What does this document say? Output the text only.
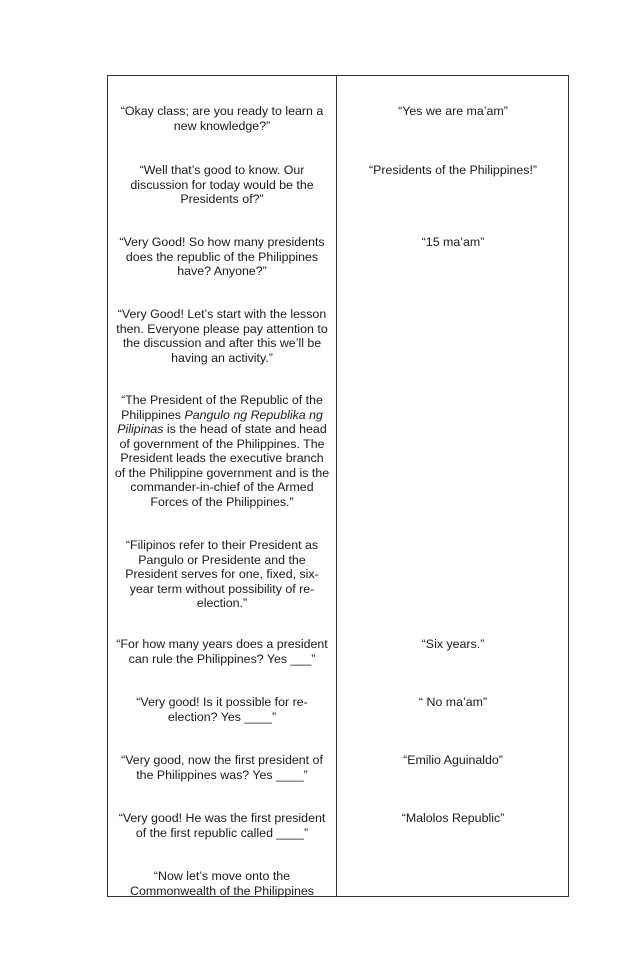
“Okay class; are you ready to learn a new knowledge?”
“Yes we are ma’am”
“Well that’s good to know. Our discussion for today would be the Presidents of?”
“Presidents of the Philippines!”
“Very Good! So how many presidents does the republic of the Philippines have? Anyone?”
“15 ma’am”
“Very Good! Let’s start with the lesson then. Everyone please pay attention to the discussion and after this we’ll be having an activity.”
“The President of the Republic of the Philippines Pangulo ng Republika ng Pilipinas is the head of state and head of government of the Philippines. The President leads the executive branch of the Philippine government and is the commander-in-chief of the Armed Forces of the Philippines.”
“Filipinos refer to their President as Pangulo or Presidente and the President serves for one, fixed, six-year term without possibility of re-election.”
“For how many years does a president can rule the Philippines? Yes ___”
“Six years.”
“Very good! Is it possible for re-election? Yes ____”
“ No ma’am”
“Very good, now the first president of the Philippines was? Yes ____”
“Emilio Aguinaldo”
“Very good! He was the first president of the first republic called ____”
“Malolos Republic”
“Now let’s move onto the Commonwealth of the Philippines
